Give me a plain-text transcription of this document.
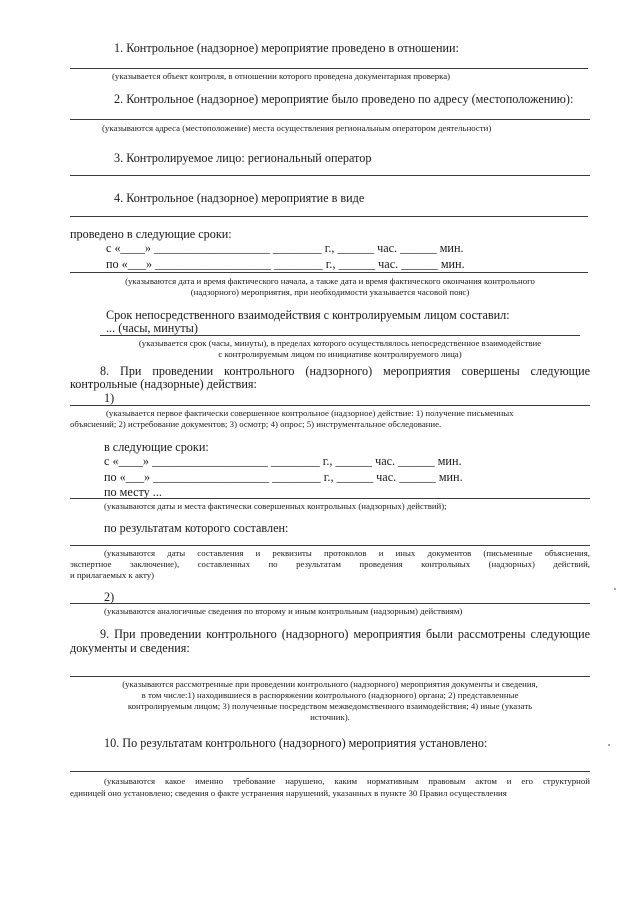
1. Контрольное (надзорное) мероприятие проведено в отношении:
(указывается объект контроля, в отношении которого проведена документарная проверка)
2. Контрольное (надзорное) мероприятие было проведено по адресу (местоположению):
(указываются адреса (местоположение) места осуществления региональным оператором деятельности)
3. Контролируемое лицо: региональный оператор
4. Контрольное (надзорное) мероприятие в виде
проведено в следующие сроки:
с «____» ___________________ ________ г., ______ час. ______ мин.
по «___» ___________________ ________ г., ______ час. ______ мин.
(указываются дата и время фактического начала, а также дата и время фактического окончания контрольного
(надзорного) мероприятия, при необходимости указывается часовой пояс)
Срок непосредственного взаимодействия с контролируемым лицом составил:
... (часы, минуты)
(указывается срок (часы, минуты), в пределах которого осуществлялось непосредственное взаимодействие
с контролируемым лицом по инициативе контролируемого лица)
8. При проведении контрольного (надзорного) мероприятия совершены следующие
контрольные (надзорные) действия:
1)
(указывается первое фактически совершенное контрольное (надзорное) действие: 1) получение письменных
объяснений; 2) истребование документов; 3) осмотр; 4) опрос; 5) инструментальное обследование.
в следующие сроки:
с «____» ___________________ ________ г., ______ час. ______ мин.
по «___» ___________________ ________ г., ______ час. ______ мин.
по месту ...
(указываются даты и места фактически совершенных контрольных (надзорных) действий);
по результатам которого составлен:
(указываются даты составления и реквизиты протоколов и иных документов (письменные объяснения,
экспертное заключение), составленных по результатам проведения контрольных (надзорных) действий,
и прилагаемых к акту)
2)
(указываются аналогичные сведения по второму и иным контрольным (надзорным) действиям)
9. При проведении контрольного (надзорного) мероприятия были рассмотрены следующие
документы и сведения:
(указываются рассмотренные при проведении контрольного (надзорного) мероприятия документы и сведения,
в том числе:1) находившиеся в распоряжении контрольного (надзорного) органа; 2) представленные
контролируемым лицом; 3) полученные посредством межведомственного взаимодействия; 4) иные (указать
источник).
10. По результатам контрольного (надзорного) мероприятия установлено:
(указываются какое именно требование нарушено, каким нормативным правовым актом и его структурной
единицей оно установлено; сведения о факте устранения нарушений, указанных в пункте 30 Правил осуществления
